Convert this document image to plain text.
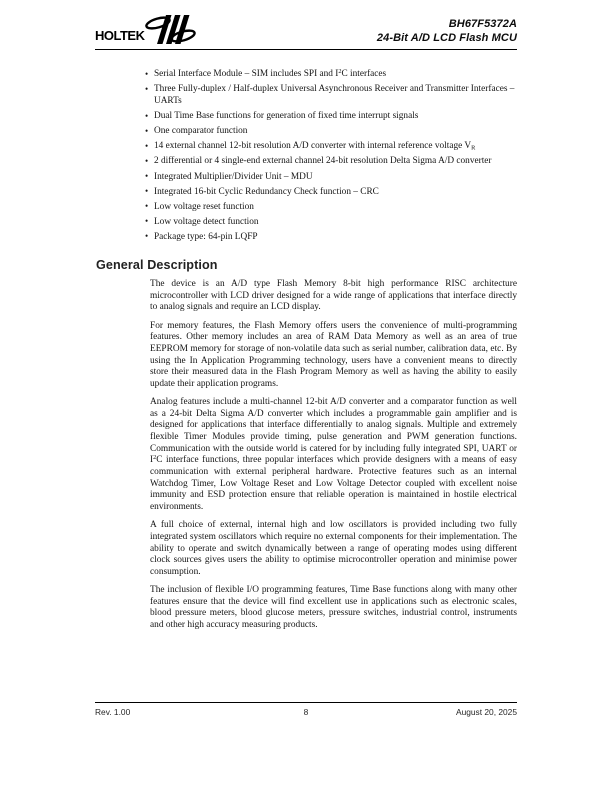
HOLTEK
BH67F5372A
24-Bit A/D LCD Flash MCU
• Serial Interface Module – SIM includes SPI and $I^2C$ interfaces
• Three Fully-duplex / Half-duplex Universal Asynchronous Receiver and Transmitter Interfaces – UARTs
• Dual Time Base functions for generation of fixed time interrupt signals
• One comparator function
• 14 external channel 12-bit resolution A/D converter with internal reference voltage $V_R$
• 2 differential or 4 single-end external channel 24-bit resolution Delta Sigma A/D converter
• Integrated Multiplier/Divider Unit – MDU
• Integrated 16-bit Cyclic Redundancy Check function – CRC
• Low voltage reset function
• Low voltage detect function
• Package type: 64-pin LQFP
General Description

The device is an A/D type Flash Memory 8-bit high performance RISC architecture microcontroller with LCD driver designed for a wide range of applications that interface directly to analog signals and require an LCD display.

For memory features, the Flash Memory offers users the convenience of multi-programming features. Other memory includes an area of RAM Data Memory as well as an area of true EEPROM memory for storage of non-volatile data such as serial number, calibration data, etc. By using the In Application Programming technology, users have a convenient means to directly store their measured data in the Flash Program Memory as well as having the ability to easily update their application programs.

Analog features include a multi-channel 12-bit A/D converter and a comparator function as well as a 24-bit Delta Sigma A/D converter which includes a programmable gain amplifier and is designed for applications that interface differentially to analog signals. Multiple and extremely flexible Timer Modules provide timing, pulse generation and PWM generation functions. Communication with the outside world is catered for by including fully integrated SPI, UART or $I^2C$ interface functions, three popular interfaces which provide designers with a means of easy communication with external peripheral hardware. Protective features such as an internal Watchdog Timer, Low Voltage Reset and Low Voltage Detector coupled with excellent noise immunity and ESD protection ensure that reliable operation is maintained in hostile electrical environments.

A full choice of external, internal high and low oscillators is provided including two fully integrated system oscillators which require no external components for their implementation. The ability to operate and switch dynamically between a range of operating modes using different clock sources gives users the ability to optimise microcontroller operation and minimise power consumption.

The inclusion of flexible I/O programming features, Time Base functions along with many other features ensure that the device will find excellent use in applications such as electronic scales, blood pressure meters, blood glucose meters, pressure switches, industrial control, instruments and other high accuracy measuring products.

Rev. 1.00	8	August 20, 2025
